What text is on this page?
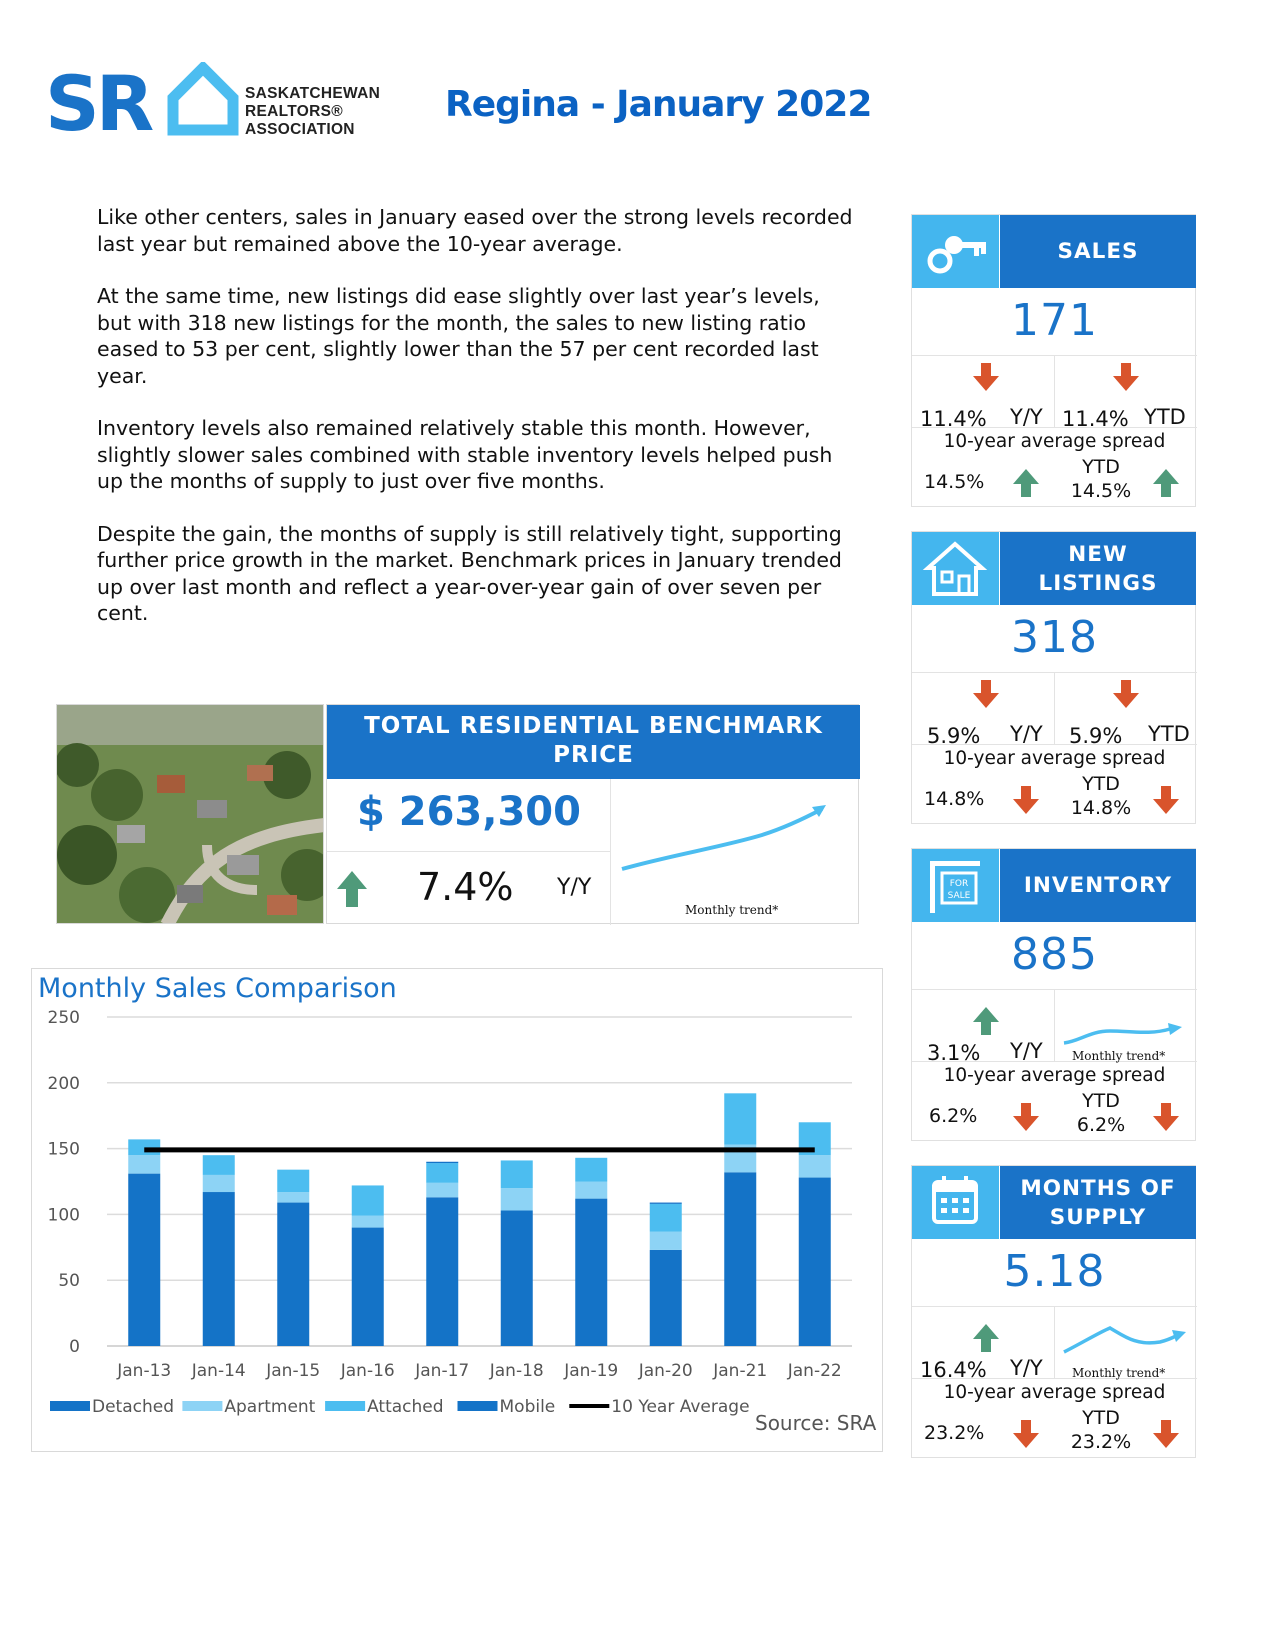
SR	SASKATCHEWAN
REALTORS®
ASSOCIATION
Regina - January 2022

Like other centers, sales in January eased over the strong levels recorded last year but remained above the 10-year average.

At the same time, new listings did ease slightly over last year’s levels, but with 318 new listings for the month, the sales to new listing ratio eased to 53 per cent, slightly lower than the 57 per cent recorded last year.

Inventory levels also remained relatively stable this month. However, slightly slower sales combined with stable inventory levels helped push up the months of supply to just over five months.

Despite the gain, the months of supply is still relatively tight, supporting further price growth in the market. Benchmark prices in January trended up over last month and reflect a year-over-year gain of over seven per cent.

TOTAL RESIDENTIAL BENCHMARK
PRICE
$ 263,300
7.4% Y/Y
Monthly trend*
Monthly Sales Comparison
0
50
100
150
200
250
Jan-13 Jan-14 Jan-15 Jan-16 Jan-17 Jan-18 Jan-19 Jan-20 Jan-21 Jan-22
Detached	Apartment	Attached	Mobile	10 Year Average
Source: SRA
SALES
171
11.4% Y/Y 11.4% YTD
10-year average spread
14.5%
YTD
14.5%
NEW
LISTINGS
318
5.9% Y/Y 5.9% YTD
10-year average spread
14.8%
YTD
14.8%
FOR
SALE INVENTORY
885
3.1% Y/Y Monthly trend*
10-year average spread
6.2%
YTD
6.2%
MONTHS OF
SUPPLY
5.18
16.4% Y/Y Monthly trend*
10-year average spread
23.2%
YTD
23.2%
